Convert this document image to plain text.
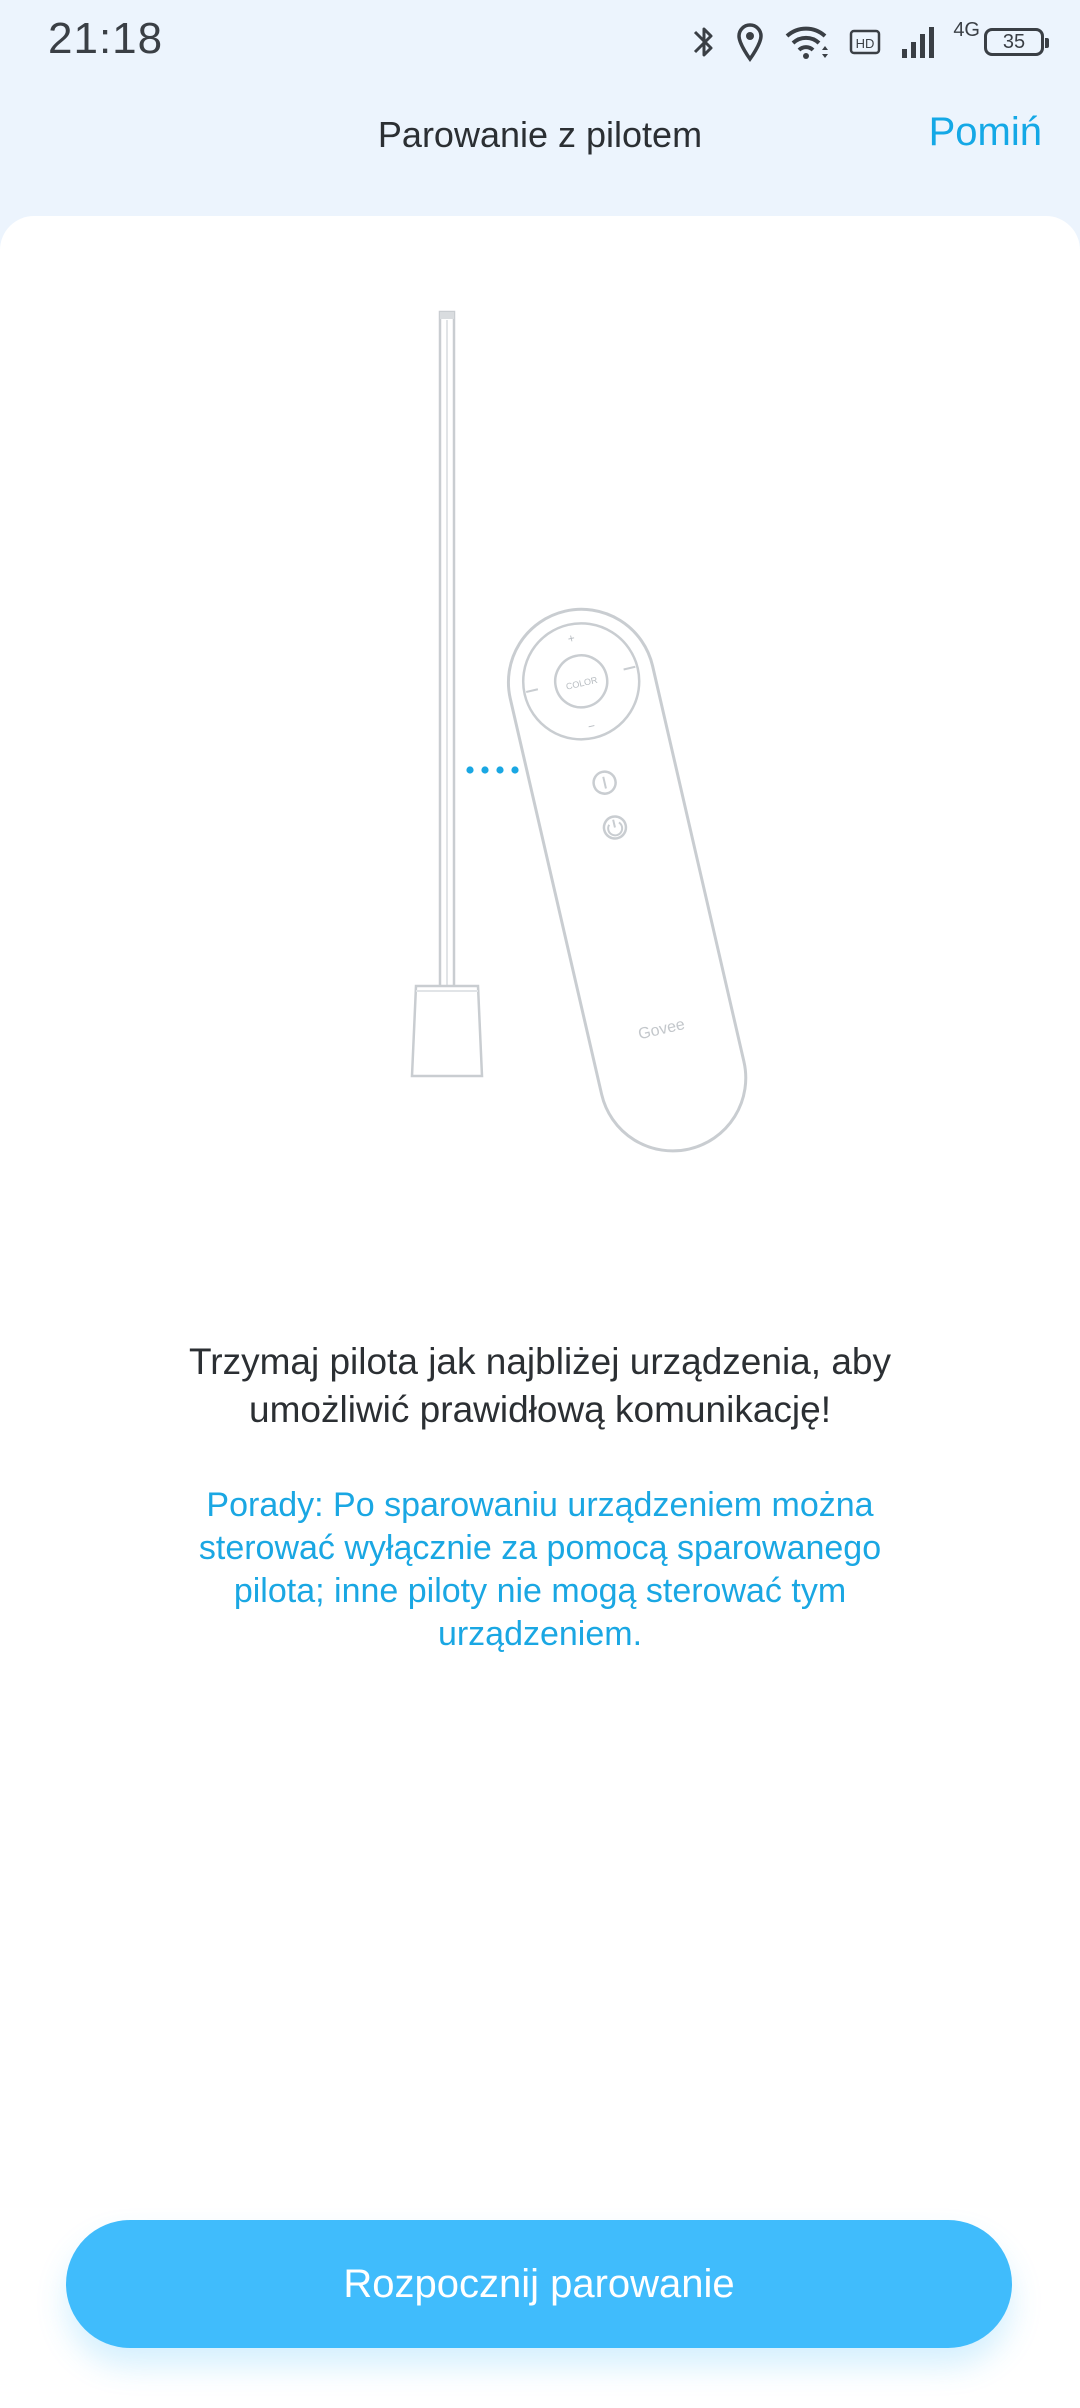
21:18	HD
4G
35
Parowanie z pilotem	Pomiń
COLOR
+
−
Govee
Trzymaj pilota jak najbliżej urządzenia, aby umożliwić prawidłową komunikację!
Porady: Po sparowaniu urządzeniem można sterować wyłącznie za pomocą sparowanego pilota; inne piloty nie mogą sterować tym urządzeniem.
Rozpocznij parowanie
